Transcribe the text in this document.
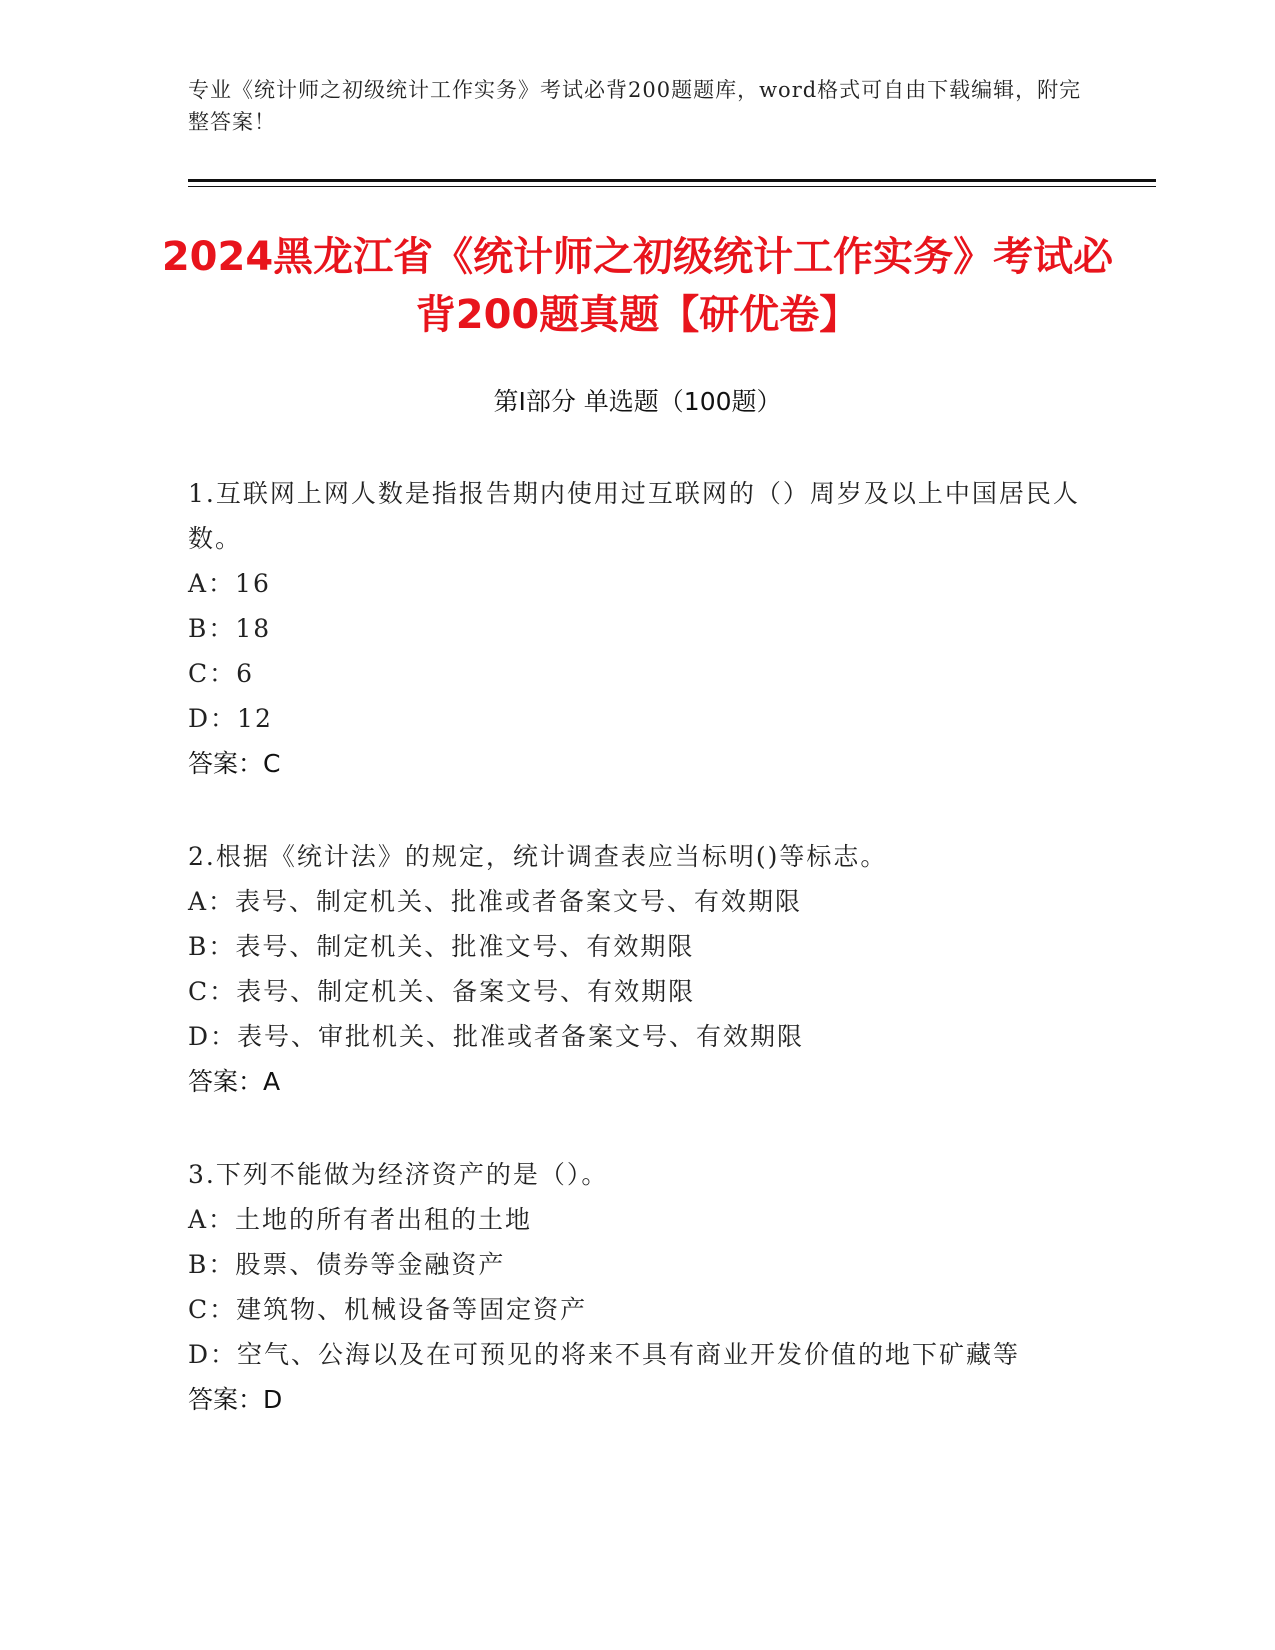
专业《统计师之初级统计工作实务》考试必背200题题库，word格式可自由下载编辑，附完整答案！
2024黑龙江省《统计师之初级统计工作实务》考试必背200题真题【研优卷】
第Ⅰ部分 单选题（100题）
1.互联网上网人数是指报告期内使用过互联网的（）周岁及以上中国居民人数。
A：16
B：18
C：6
D：12
答案：C
2.根据《统计法》的规定，统计调查表应当标明()等标志。
A：表号、制定机关、批准或者备案文号、有效期限
B：表号、制定机关、批准文号、有效期限
C：表号、制定机关、备案文号、有效期限
D：表号、审批机关、批准或者备案文号、有效期限
答案：A
3.下列不能做为经济资产的是（）。
A：土地的所有者出租的土地
B：股票、债券等金融资产
C：建筑物、机械设备等固定资产
D：空气、公海以及在可预见的将来不具有商业开发价值的地下矿藏等
答案：D
